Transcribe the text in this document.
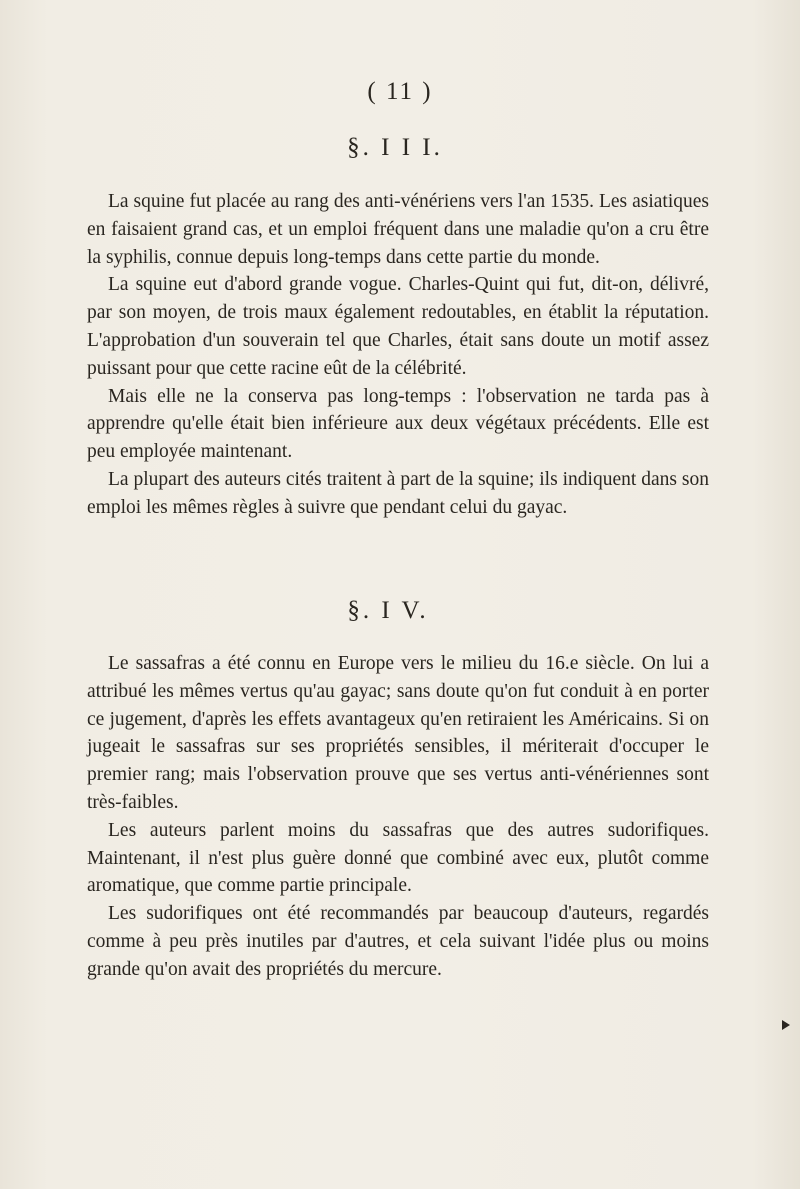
( 11 )
§. I I I.

La squine fut placée au rang des anti-vénériens vers l'an 1535. Les asiatiques en faisaient grand cas, et un emploi fréquent dans une maladie qu'on a cru être la syphilis, connue depuis long-temps dans cette partie du monde.

La squine eut d'abord grande vogue. Charles-Quint qui fut, dit-on, délivré, par son moyen, de trois maux également redoutables, en établit la réputation. L'approbation d'un souverain tel que Charles, était sans doute un motif assez puissant pour que cette racine eût de la célébrité.

Mais elle ne la conserva pas long-temps : l'observation ne tarda pas à apprendre qu'elle était bien inférieure aux deux végétaux précédents. Elle est peu employée maintenant.

La plupart des auteurs cités traitent à part de la squine; ils indiquent dans son emploi les mêmes règles à suivre que pendant celui du gayac.

§. I V.

Le sassafras a été connu en Europe vers le milieu du 16.e siècle. On lui a attribué les mêmes vertus qu'au gayac; sans doute qu'on fut conduit à en porter ce jugement, d'après les effets avantageux qu'en retiraient les Américains. Si on jugeait le sassafras sur ses propriétés sensibles, il mériterait d'occuper le premier rang; mais l'observation prouve que ses vertus anti-vénériennes sont très-faibles.

Les auteurs parlent moins du sassafras que des autres sudorifiques. Maintenant, il n'est plus guère donné que combiné avec eux, plutôt comme aromatique, que comme partie principale.

Les sudorifiques ont été recommandés par beaucoup d'auteurs, regardés comme à peu près inutiles par d'autres, et cela suivant l'idée plus ou moins grande qu'on avait des propriétés du mercure.
